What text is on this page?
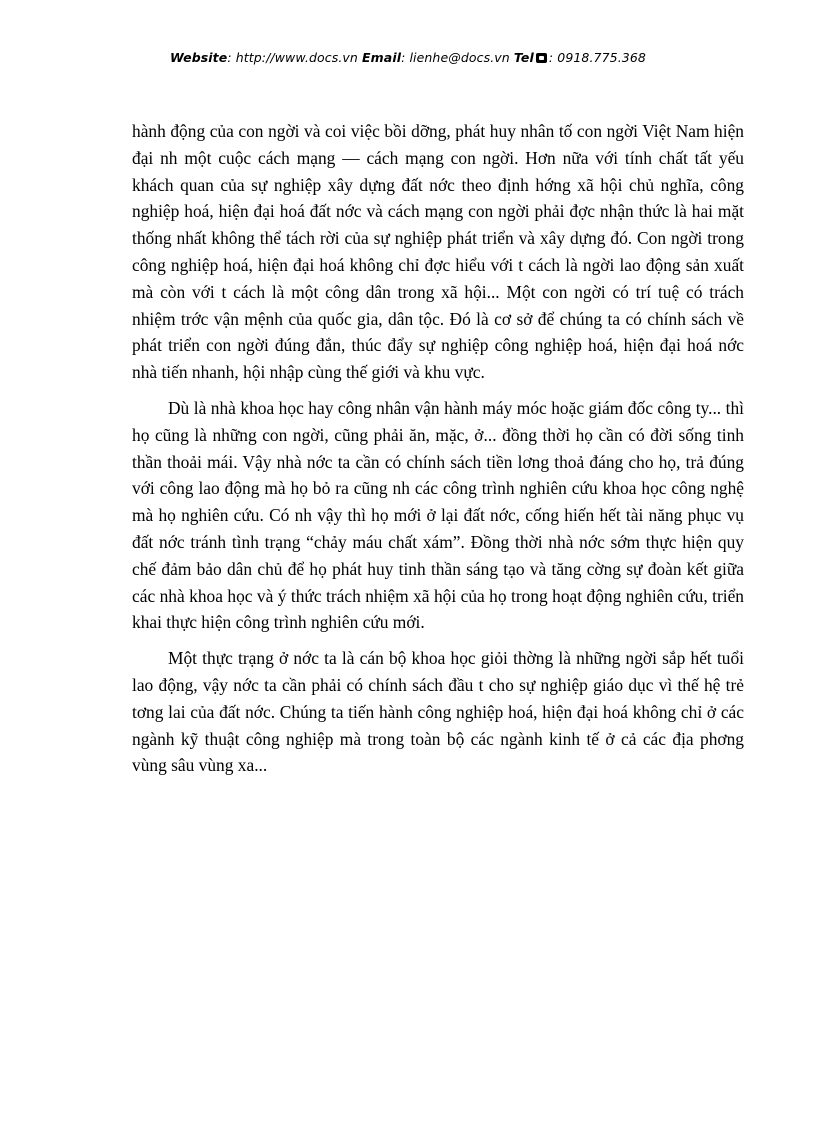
Website: http://www.docs.vn Email: lienhe@docs.vn Tel : 0918.775.368

hành động của con ngời và coi việc bồi dỡng, phát huy nhân tố con ngời Việt Nam hiện đại nh một cuộc cách mạng — cách mạng con ngời. Hơn nữa với tính chất tất yếu khách quan của sự nghiệp xây dựng đất nớc theo định hớng xã hội chủ nghĩa, công nghiệp hoá, hiện đại hoá đất nớc và cách mạng con ngời phải đợc nhận thức là hai mặt thống nhất không thể tách rời của sự nghiệp phát triển và xây dựng đó. Con ngời trong công nghiệp hoá, hiện đại hoá không chỉ đợc hiểu với t cách là ngời lao động sản xuất mà còn với t cách là một công dân trong xã hội... Một con ngời có trí tuệ có trách nhiệm trớc vận mệnh của quốc gia, dân tộc. Đó là cơ sở để chúng ta có chính sách về phát triển con ngời đúng đắn, thúc đẩy sự nghiệp công nghiệp hoá, hiện đại hoá nớc nhà tiến nhanh, hội nhập cùng thế giới và khu vực.

Dù là nhà khoa học hay công nhân vận hành máy móc hoặc giám đốc công ty... thì họ cũng là những con ngời, cũng phải ăn, mặc, ở... đồng thời họ cần có đời sống tinh thần thoải mái. Vậy nhà nớc ta cần có chính sách tiền lơng thoả đáng cho họ, trả đúng với công lao động mà họ bỏ ra cũng nh các công trình nghiên cứu khoa học công nghệ mà họ nghiên cứu. Có nh vậy thì họ mới ở lại đất nớc, cống hiến hết tài năng phục vụ đất nớc tránh tình trạng “chảy máu chất xám”. Đồng thời nhà nớc sớm thực hiện quy chế đảm bảo dân chủ để họ phát huy tinh thần sáng tạo và tăng cờng sự đoàn kết giữa các nhà khoa học và ý thức trách nhiệm xã hội của họ trong hoạt động nghiên cứu, triển khai thực hiện công trình nghiên cứu mới.

Một thực trạng ở nớc ta là cán bộ khoa học giỏi thờng là những ngời sắp hết tuổi lao động, vậy nớc ta cần phải có chính sách đầu t cho sự nghiệp giáo dục vì thế hệ trẻ tơng lai của đất nớc. Chúng ta tiến hành công nghiệp hoá, hiện đại hoá không chỉ ở các ngành kỹ thuật công nghiệp mà trong toàn bộ các ngành kinh tế ở cả các địa phơng vùng sâu vùng xa...
